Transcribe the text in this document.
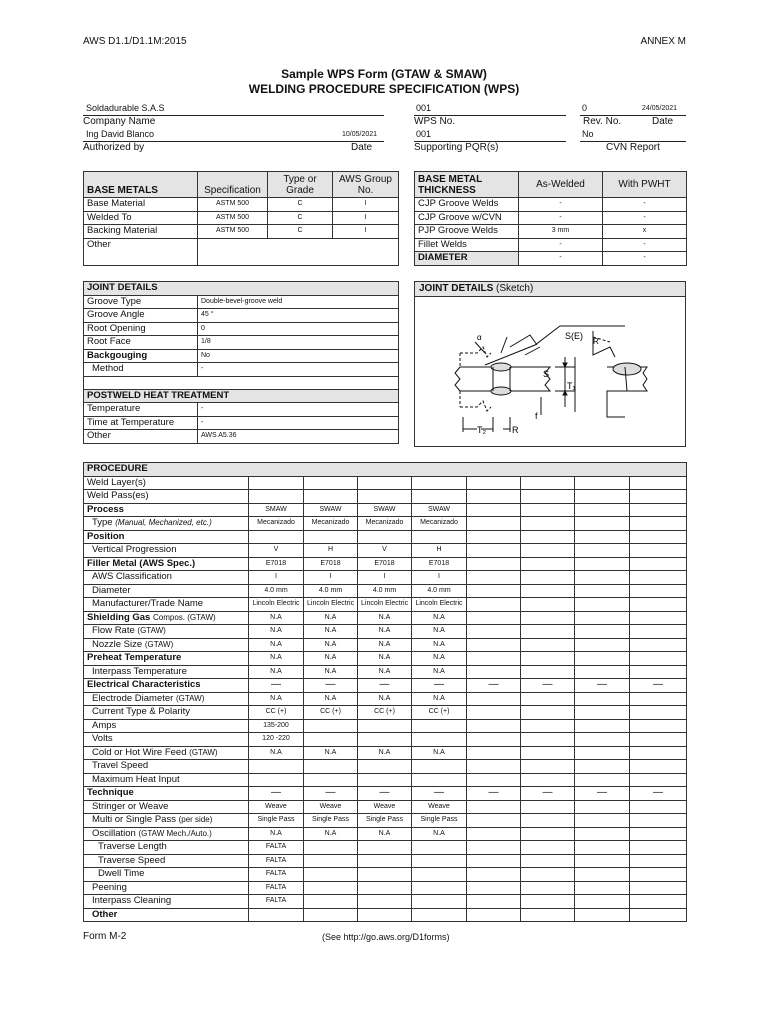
AWS D1.1/D1.1M:2015	ANNEX M
Sample WPS Form (GTAW & SMAW)
WELDING PROCEDURE SPECIFICATION (WPS)
Soldadurable S.A.S
Company Name
Ing David Blanco	10/05/2021
Authorized by	Date
001	0	24/05/2021
WPS No.	Rev. No.	Date
001	No
Supporting PQR(s)	CVN Report
BASE METALS	Specification	Type or Grade	AWS Group No.
Base Material	ASTM 500	C	I
Welded To	ASTM 500	C	I
Backing Material	ASTM 500	C	I
Other			
BASE METAL THICKNESS	As-Welded	With PWHT
CJP Groove Welds	-	-
CJP Groove w/CVN	-	-
PJP Groove Welds	3 mm	x
Fillet Welds	-	-
DIAMETER	-	-
JOINT DETAILS	
Groove Type	Double-bevel-groove weld
Groove Angle	45 °
Root Opening	0
Root Face	1/8
Backgouging	No
Method	-

POSTWELD HEAT TREATMENT	
Temperature	-
Time at Temperature	-
Other	AWS A5.36
JOINT DETAILS (Sketch)
S(E)
R
α
S
T₁
T₂
f
R
PROCEDURE								
Weld Layer(s)								
Weld Pass(es)								
Process	SMAW	SWAW	SWAW	SWAW				
Type (Manual, Mechanized, etc.)	Mecanizado	Mecanizado	Mecanizado	Mecanizado				
Position								
Vertical Progression	V	H	V	H				
Filler Metal (AWS Spec.)	E7018	E7018	E7018	E7018				
AWS Classification	I	I	I	I				
Diameter	4.0 mm	4.0 mm	4.0 mm	4.0 mm				
Manufacturer/Trade Name	Lincoln Electric	Lincoln Electric	Lincoln Electric	Lincoln Electric				
Shielding Gas Compos. (GTAW)	N.A	N.A	N.A	N.A				
Flow Rate (GTAW)	N.A	N.A	N.A	N.A				
Nozzle Size (GTAW)	N.A	N.A	N.A	N.A				
Preheat Temperature	N.A	N.A	N.A	N.A				
Interpass Temperature	N.A	N.A	N.A	N.A				
Electrical Characteristics	—	—	—	—	—	—	—	—
Electrode Diameter (GTAW)	N.A	N.A	N.A	N.A				
Current Type & Polarity	CC (+)	CC (+)	CC (+)	CC (+)				
Amps	135-200							
Volts	120 -220							
Cold or Hot Wire Feed (GTAW)	N.A	N.A	N.A	N.A				
Travel Speed								
Maximum Heat Input								
Technique	—	—	—	—	—	—	—	—
Stringer or Weave	Weave	Weave	Weave	Weave				
Multi or Single Pass (per side)	Single Pass	Single Pass	Single Pass	Single Pass				
Oscillation (GTAW Mech./Auto.)	N.A	N.A	N.A	N.A				
Traverse Length	FALTA							
Traverse Speed	FALTA							
Dwell Time	FALTA							
Peening	FALTA							
Interpass Cleaning	FALTA							
Other								
Form M-2	(See http://go.aws.org/D1forms)
